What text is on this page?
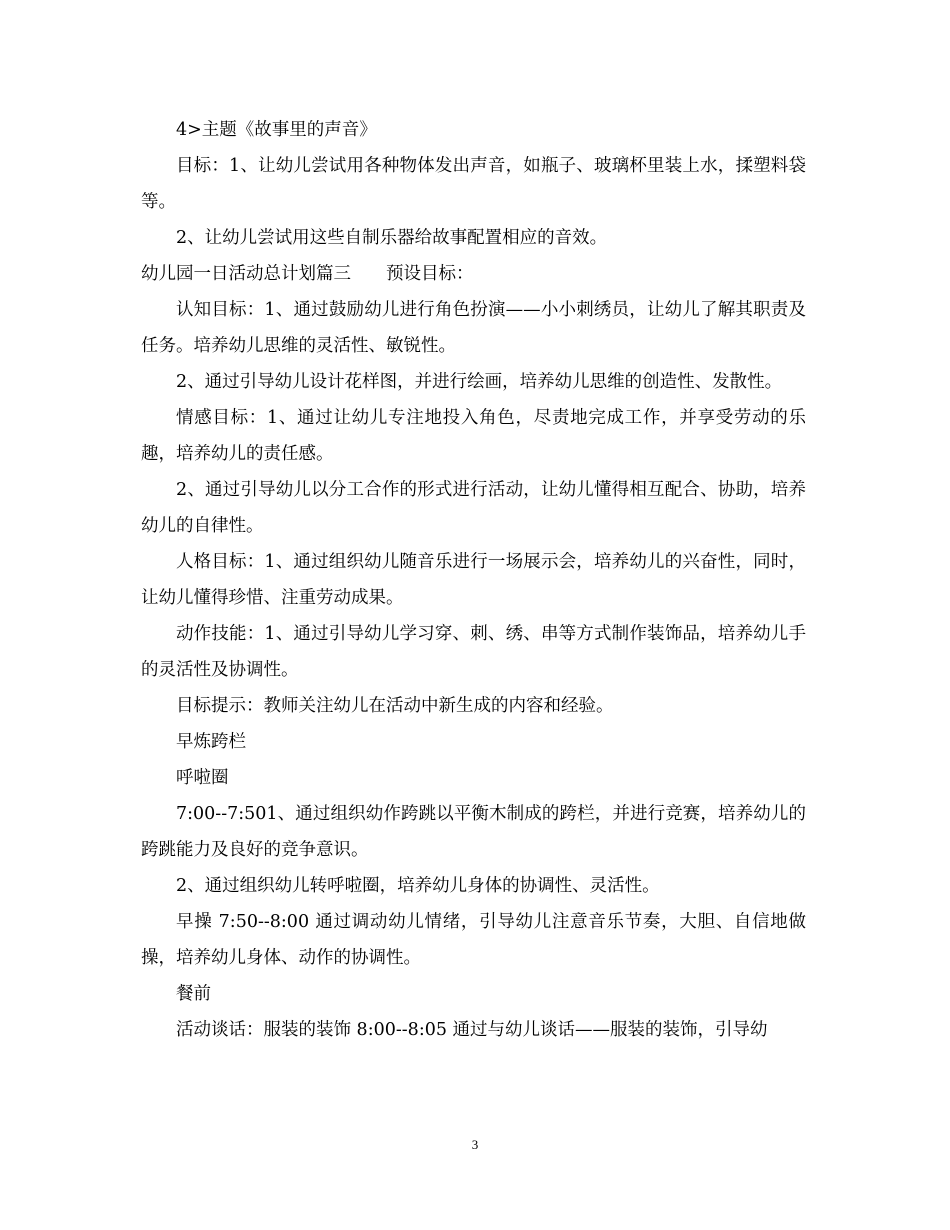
4>主题《故事里的声音》

目标：1、让幼儿尝试用各种物体发出声音，如瓶子、玻璃杯里装上水，揉塑料袋等。

2、让幼儿尝试用这些自制乐器给故事配置相应的音效。

幼儿园一日活动总计划篇三　　预设目标：

认知目标：1、通过鼓励幼儿进行角色扮演——小小刺绣员，让幼儿了解其职责及任务。培养幼儿思维的灵活性、敏锐性。

2、通过引导幼儿设计花样图，并进行绘画，培养幼儿思维的创造性、发散性。

情感目标：1、通过让幼儿专注地投入角色，尽责地完成工作，并享受劳动的乐趣，培养幼儿的责任感。

2、通过引导幼儿以分工合作的形式进行活动，让幼儿懂得相互配合、协助，培养幼儿的自律性。

人格目标：1、通过组织幼儿随音乐进行一场展示会，培养幼儿的兴奋性，同时，让幼儿懂得珍惜、注重劳动成果。

动作技能：1、通过引导幼儿学习穿、刺、绣、串等方式制作装饰品，培养幼儿手的灵活性及协调性。

目标提示：教师关注幼儿在活动中新生成的内容和经验。

早炼跨栏

呼啦圈

7:00--7:501、通过组织幼作跨跳以平衡木制成的跨栏，并进行竞赛，培养幼儿的跨跳能力及良好的竞争意识。

2、通过组织幼儿转呼啦圈，培养幼儿身体的协调性、灵活性。

早操 7:50--8:00 通过调动幼儿情绪，引导幼儿注意音乐节奏，大胆、自信地做操，培养幼儿身体、动作的协调性。

餐前

活动谈话：服装的装饰 8:00--8:05 通过与幼儿谈话——服装的装饰，引导幼

3
